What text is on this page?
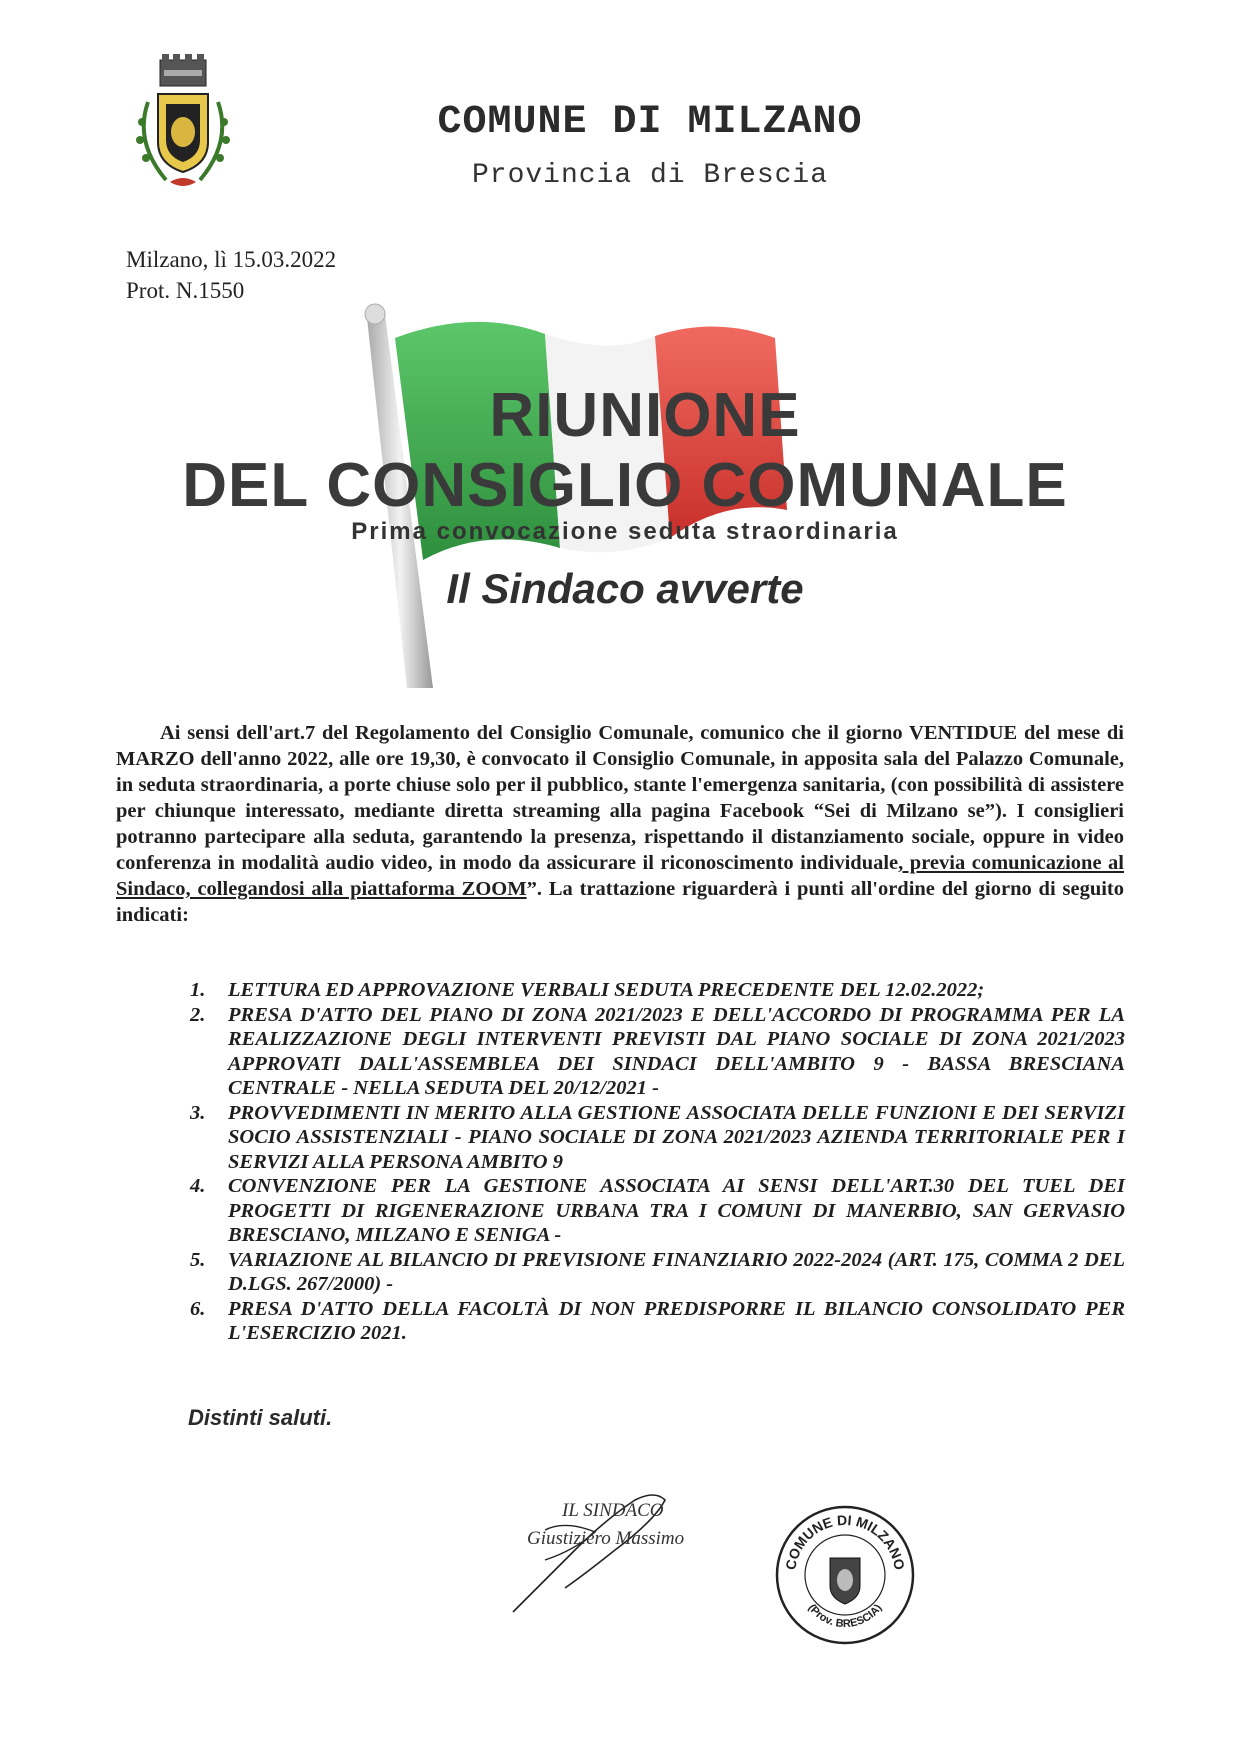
COMUNE DI MILZANO
Provincia di Brescia
Milzano, lì 15.03.2022
Prot. N.1550
RIUNIONE
DEL CONSIGLIO COMUNALE
Prima convocazione seduta straordinaria
Il Sindaco avverte
Ai sensi dell'art.7 del Regolamento del Consiglio Comunale, comunico che il giorno VENTIDUE del mese di MARZO dell'anno 2022, alle ore 19,30, è convocato il Consiglio Comunale, in apposita sala del Palazzo Comunale, in seduta straordinaria, a porte chiuse solo per il pubblico, stante l'emergenza sanitaria, (con possibilità di assistere per chiunque interessato, mediante diretta streaming alla pagina Facebook “Sei di Milzano se”). I consiglieri potranno partecipare alla seduta, garantendo la presenza, rispettando il distanziamento sociale, oppure in video conferenza in modalità audio video, in modo da assicurare il riconoscimento individuale, previa comunicazione al Sindaco, collegandosi alla piattaforma ZOOM”. La trattazione riguarderà i punti all'ordine del giorno di seguito indicati:
1. LETTURA ED APPROVAZIONE VERBALI SEDUTA PRECEDENTE DEL 12.02.2022;
2. PRESA D'ATTO DEL PIANO DI ZONA 2021/2023 E DELL'ACCORDO DI PROGRAMMA PER LA REALIZZAZIONE DEGLI INTERVENTI PREVISTI DAL PIANO SOCIALE DI ZONA 2021/2023 APPROVATI DALL'ASSEMBLEA DEI SINDACI DELL'AMBITO 9 - BASSA BRESCIANA CENTRALE - NELLA SEDUTA DEL 20/12/2021 -
3. PROVVEDIMENTI IN MERITO ALLA GESTIONE ASSOCIATA DELLE FUNZIONI E DEI SERVIZI SOCIO ASSISTENZIALI - PIANO SOCIALE DI ZONA 2021/2023 AZIENDA TERRITORIALE PER I SERVIZI ALLA PERSONA AMBITO 9
4. CONVENZIONE PER LA GESTIONE ASSOCIATA AI SENSI DELL'ART.30 DEL TUEL DEI PROGETTI DI RIGENERAZIONE URBANA TRA I COMUNI DI MANERBIO, SAN GERVASIO BRESCIANO, MILZANO E SENIGA -
5. VARIAZIONE AL BILANCIO DI PREVISIONE FINANZIARIO 2022-2024 (ART. 175, COMMA 2 DEL D.LGS. 267/2000) -
6. PRESA D'ATTO DELLA FACOLTÀ DI NON PREDISPORRE IL BILANCIO CONSOLIDATO PER L'ESERCIZIO 2021.
Distinti saluti.
IL SINDACO
Giustiziero Massimo
COMUNE DI MILZANO
(Prov. BRESCIA)
